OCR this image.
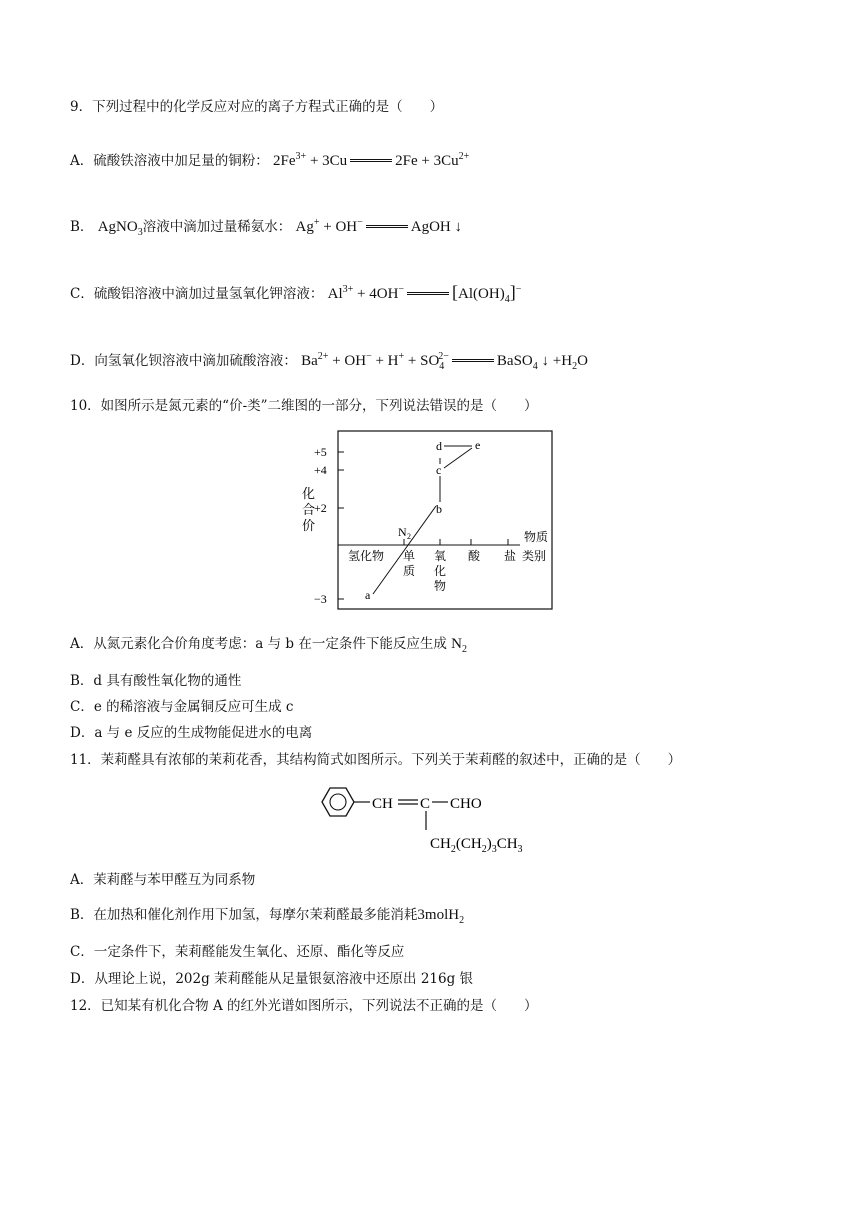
9．下列过程中的化学反应对应的离子方程式正确的是（　　）
A．硫酸铁溶液中加足量的铜粉： $2Fe^{3+} + 3Cu$	$2Fe + 3Cu^{2+}$
B． AgNO$_3$溶液中滴加过量稀氨水： Ag+ + OH−	AgOH ↓
C．硫酸铝溶液中滴加过量氢氧化钾溶液： $Al^{3+} + 4OH^-$	$[Al(OH)_4]^-$
D．向氢氧化钡溶液中滴加硫酸溶液： $Ba^{2+} + OH^- + H^+ + SO_4^{2-}$	BaSO$_4$ ↓ $+H_2O$
10．如图所示是氮元素的“价-类”二维图的一部分，下列说法错误的是（　　）
+5
+4
+2
−3
化
合
价
氢化物 单
质
氧
化
物
酸 盐
物质
类别
a
N 2
b
c
d	e
A．从氮元素化合价角度考虑：a 与 b 在一定条件下能反应生成 $N_2$
B．d 具有酸性氧化物的通性
C．e 的稀溶液与金属铜反应可生成 c
D．a 与 e 反应的生成物能促进水的电离
11．茉莉醛具有浓郁的茉莉花香，其结构简式如图所示。下列关于茉莉醛的叙述中，正确的是（　　）
CH C CHO
$CH_2(CH_2)_3CH_3$
A．茉莉醛与苯甲醛互为同系物
B．在加热和催化剂作用下加氢，每摩尔茉莉醛最多能消耗3molH$_2$
C．一定条件下，茉莉醛能发生氧化、还原、酯化等反应
D．从理论上说，202g 茉莉醛能从足量银氨溶液中还原出 216g 银
12．已知某有机化合物 A 的红外光谱如图所示，下列说法不正确的是（　　）
